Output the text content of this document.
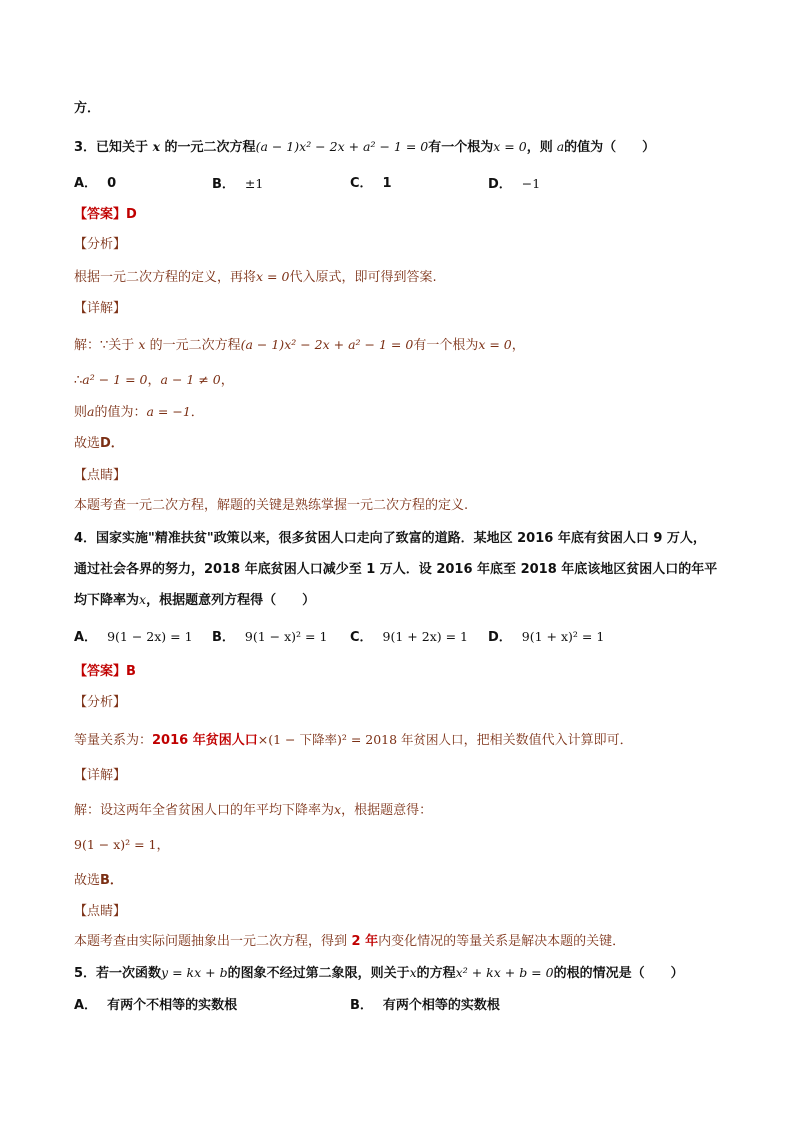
方．
3．已知关于 x 的一元二次方程(a − 1)x² − 2x + a² − 1 = 0有一个根为x = 0，则 a的值为（　　）
A． 0	B． ±1	C． 1	D． −1
【答案】D
【分析】
根据一元二次方程的定义，再将x = 0代入原式，即可得到答案.
【详解】
解：∵关于 x 的一元二次方程(a − 1)x² − 2x + a² − 1 = 0有一个根为x = 0，
∴a² − 1 = 0，a − 1 ≠ 0，
则a的值为：a = −1．
故选D．
【点睛】
本题考查一元二次方程，解题的关键是熟练掌握一元二次方程的定义.
4．国家实施"精准扶贫"政策以来，很多贫困人口走向了致富的道路．某地区 2016 年底有贫困人口 9 万人，
通过社会各界的努力，2018 年底贫困人口减少至 1 万人．设 2016 年底至 2018 年底该地区贫困人口的年平
均下降率为x，根据题意列方程得（　　）
A． 9(1 − 2x) = 1 B． 9(1 − x)² = 1 C． 9(1 + 2x) = 1 D． 9(1 + x)² = 1
【答案】B
【分析】
等量关系为：2016 年贫困人口×(1 − 下降率)² = 2018 年贫困人口，把相关数值代入计算即可．
【详解】
解：设这两年全省贫困人口的年平均下降率为x，根据题意得：
9(1 − x)² = 1，
故选B．
【点睛】
本题考查由实际问题抽象出一元二次方程，得到 2 年内变化情况的等量关系是解决本题的关键．
5．若一次函数y = kx + b的图象不经过第二象限，则关于x的方程x² + kx + b = 0的根的情况是（　　）
A． 有两个不相等的实数根	B． 有两个相等的实数根
